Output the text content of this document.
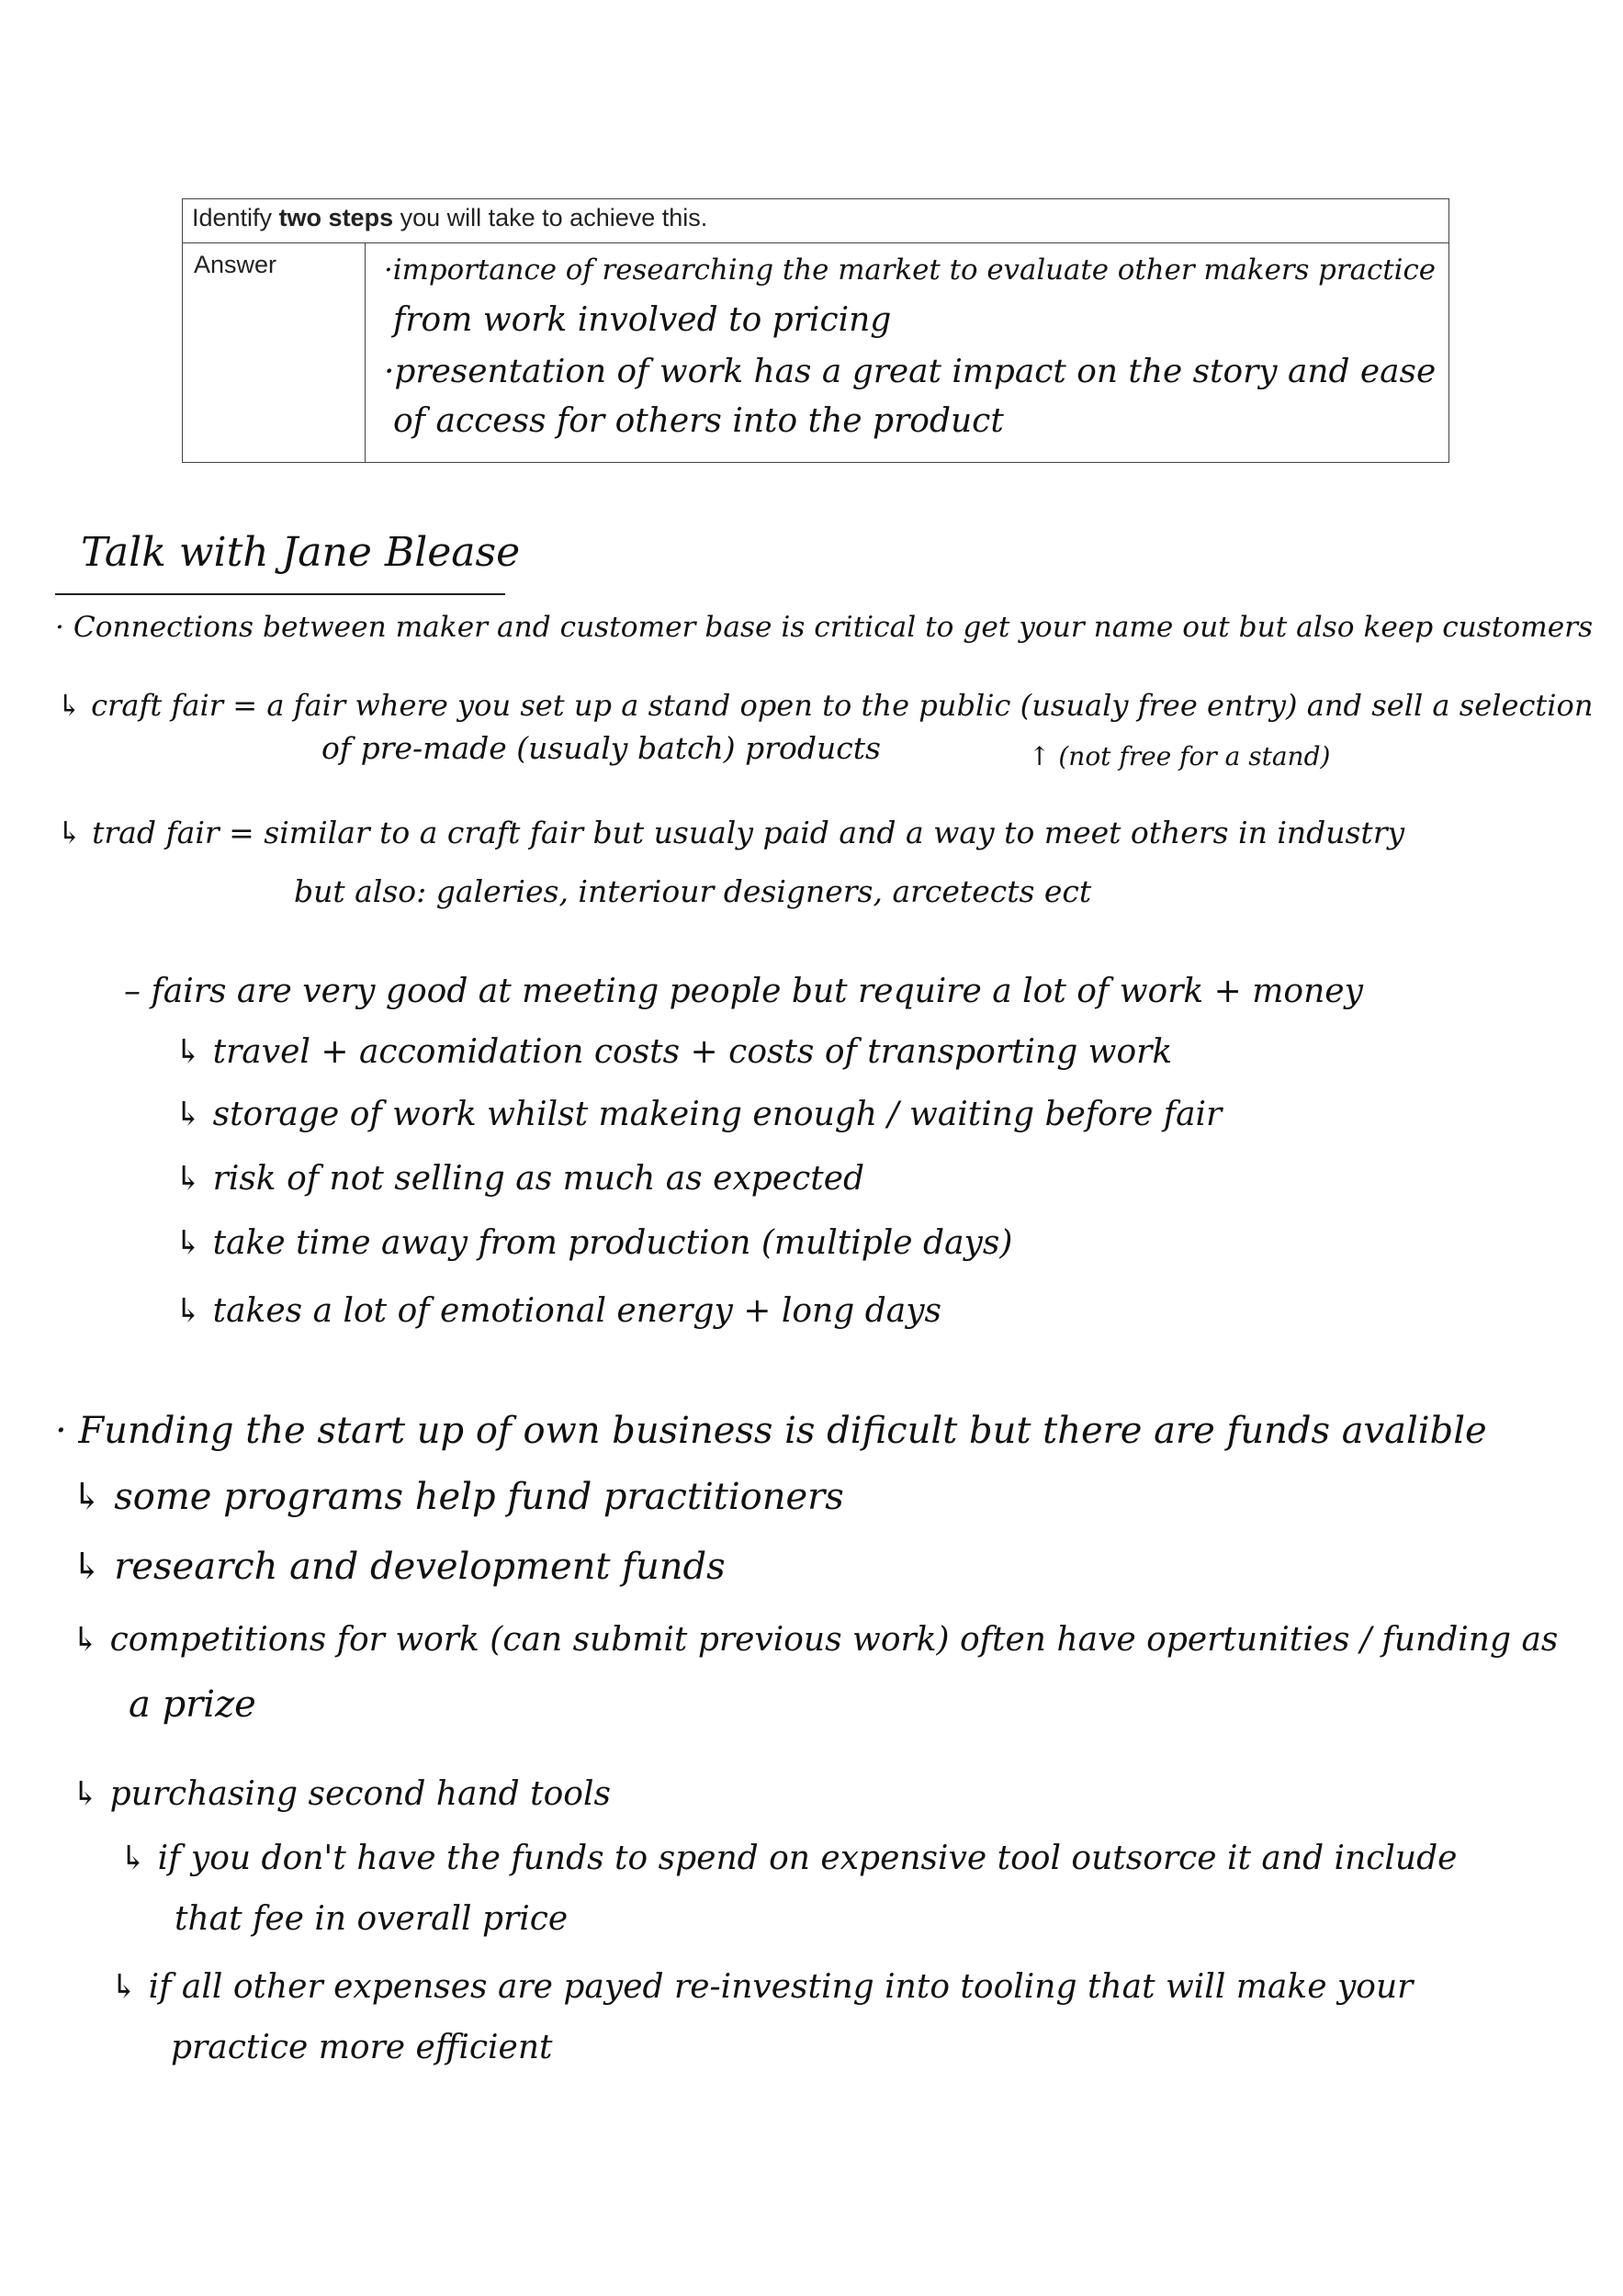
Identify two steps you will take to achieve this.
Answer	·importance of researching the market to evaluate other makers practice

from work involved to pricing

·presentation of work has a great impact on the story and ease

of access for others into the product

Talk with Jane Blease

· Connections between maker and customer base is critical to get your name out but also keep customers

↳ craft fair = a fair where you set up a stand open to the public (usualy free entry) and sell a selection

of pre-made (usualy batch) products	↑ (not free for a stand)

↳ trad fair = similar to a craft fair but usualy paid and a way to meet others in industry

but also: galeries, interiour designers, arcetects ect

– fairs are very good at meeting people but require a lot of work + money

↳ travel + accomidation costs + costs of transporting work

↳ storage of work whilst makeing enough / waiting before fair

↳ risk of not selling as much as expected

↳ take time away from production (multiple days)

↳ takes a lot of emotional energy + long days

· Funding the start up of own business is dificult but there are funds avalible

↳ some programs help fund practitioners

↳ research and development funds

↳ competitions for work (can submit previous work) often have opertunities / funding as

a prize

↳ purchasing second hand tools

↳ if you don't have the funds to spend on expensive tool outsorce it and include

that fee in overall price

↳ if all other expenses are payed re-investing into tooling that will make your

practice more efficient
